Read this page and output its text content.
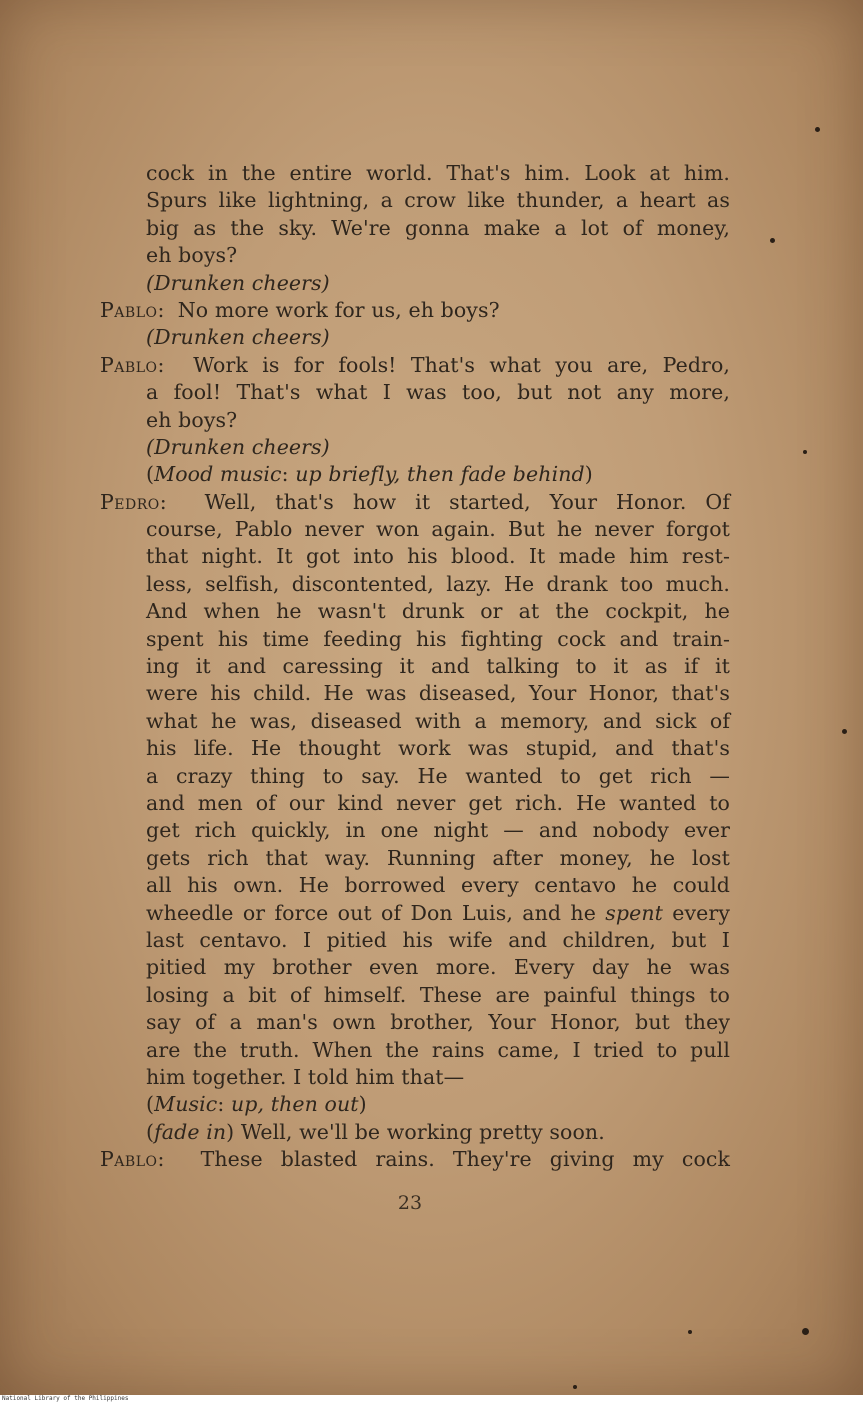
cock in the entire world. That's him. Look at him.
Spurs like lightning, a crow like thunder, a heart as
big as the sky. We're gonna make a lot of money,
eh boys?
(Drunken cheers)
Pablo: No more work for us, eh boys?
(Drunken cheers)
Pablo: Work is for fools! That's what you are, Pedro,
a fool! That's what I was too, but not any more,
eh boys?
(Drunken cheers)
(Mood music: up briefly, then fade behind)
Pedro: Well, that's how it started, Your Honor. Of
course, Pablo never won again. But he never forgot
that night. It got into his blood. It made him rest-
less, selfish, discontented, lazy. He drank too much.
And when he wasn't drunk or at the cockpit, he
spent his time feeding his fighting cock and train-
ing it and caressing it and talking to it as if it
were his child. He was diseased, Your Honor, that's
what he was, diseased with a memory, and sick of
his life. He thought work was stupid, and that's
a crazy thing to say. He wanted to get rich —
and men of our kind never get rich. He wanted to
get rich quickly, in one night — and nobody ever
gets rich that way. Running after money, he lost
all his own. He borrowed every centavo he could
wheedle or force out of Don Luis, and he spent every
last centavo. I pitied his wife and children, but I
pitied my brother even more. Every day he was
losing a bit of himself. These are painful things to
say of a man's own brother, Your Honor, but they
are the truth. When the rains came, I tried to pull
him together. I told him that—
(Music: up, then out)
(fade in) Well, we'll be working pretty soon.
Pablo: These blasted rains. They're giving my cock
23
National Library of the Philippines
